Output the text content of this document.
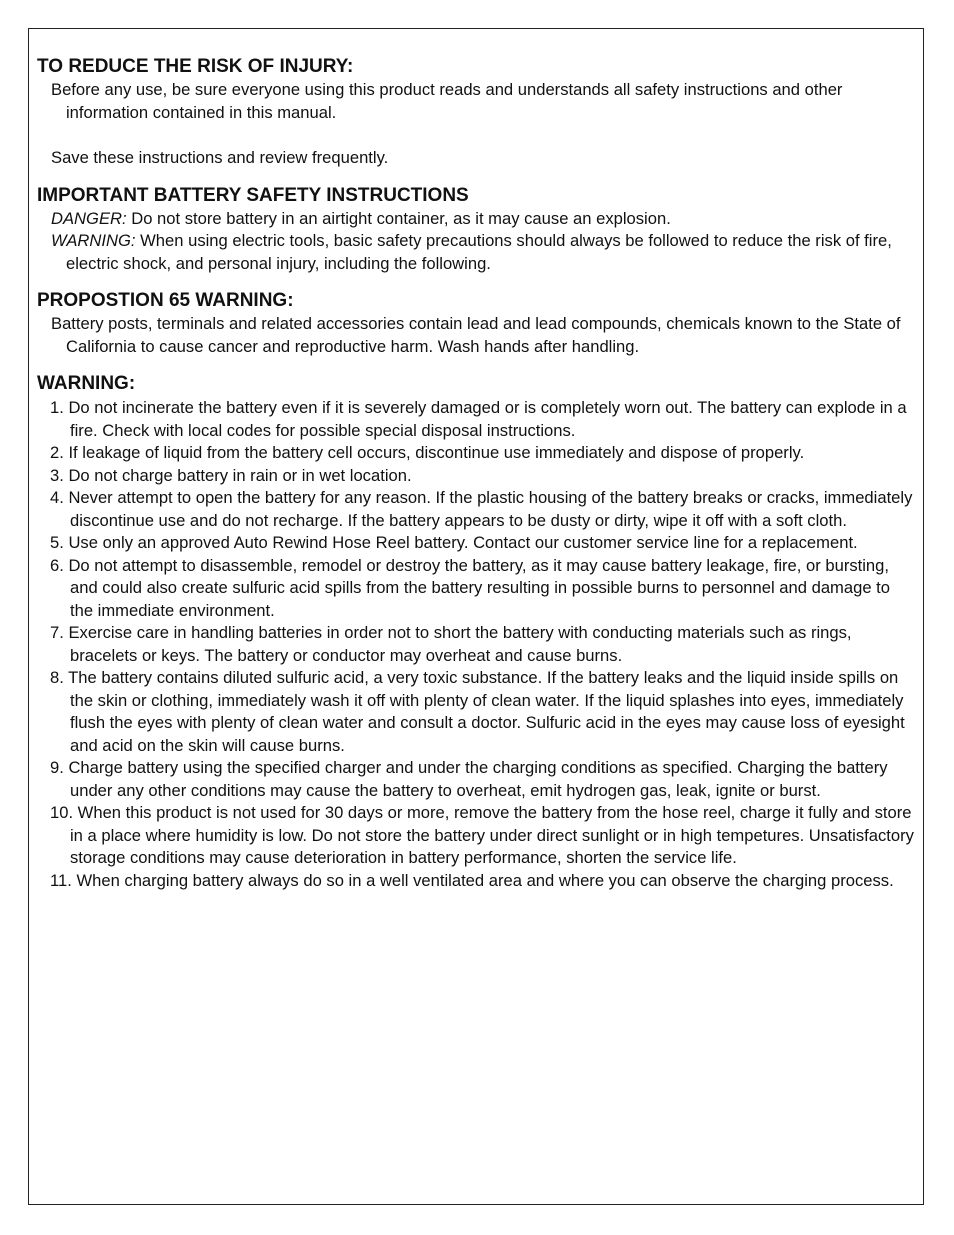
TO REDUCE THE RISK OF INJURY:

Before any use, be sure everyone using this product reads and understands all safety instructions and other information contained in this manual.

Save these instructions and review frequently.

IMPORTANT BATTERY SAFETY INSTRUCTIONS

DANGER: Do not store battery in an airtight container, as it may cause an explosion.

WARNING: When using electric tools, basic safety precautions should always be followed to reduce the risk of fire, electric shock, and personal injury, including the following.

PROPOSTION 65 WARNING:

Battery posts, terminals and related accessories contain lead and lead compounds, chemicals known to the State of California to cause cancer and reproductive harm. Wash hands after handling.

WARNING:
1. Do not incinerate the battery even if it is severely damaged or is completely worn out. The battery can explode in a fire. Check with local codes for possible special disposal instructions.
2. If leakage of liquid from the battery cell occurs, discontinue use immediately and dispose of properly.
3. Do not charge battery in rain or in wet location.
4. Never attempt to open the battery for any reason. If the plastic housing of the battery breaks or cracks, immediately discontinue use and do not recharge. If the battery appears to be dusty or dirty, wipe it off with a soft cloth.
5. Use only an approved Auto Rewind Hose Reel battery. Contact our customer service line for a replacement.
6. Do not attempt to disassemble, remodel or destroy the battery, as it may cause battery leakage, fire, or bursting, and could also create sulfuric acid spills from the battery resulting in possible burns to personnel and damage to the immediate environment.
7. Exercise care in handling batteries in order not to short the battery with conducting materials such as rings, bracelets or keys. The battery or conductor may overheat and cause burns.
8. The battery contains diluted sulfuric acid, a very toxic substance. If the battery leaks and the liquid inside spills on the skin or clothing, immediately wash it off with plenty of clean water. If the liquid splashes into eyes, immediately flush the eyes with plenty of clean water and consult a doctor. Sulfuric acid in the eyes may cause loss of eyesight and acid on the skin will cause burns.
9. Charge battery using the specified charger and under the charging conditions as specified. Charging the battery under any other conditions may cause the battery to overheat, emit hydrogen gas, leak, ignite or burst.
10. When this product is not used for 30 days or more, remove the battery from the hose reel, charge it fully and store in a place where humidity is low. Do not store the battery under direct sunlight or in high tempetures. Unsatisfactory storage conditions may cause deterioration in battery performance, shorten the service life.
11. When charging battery always do so in a well ventilated area and where you can observe the charging process.
